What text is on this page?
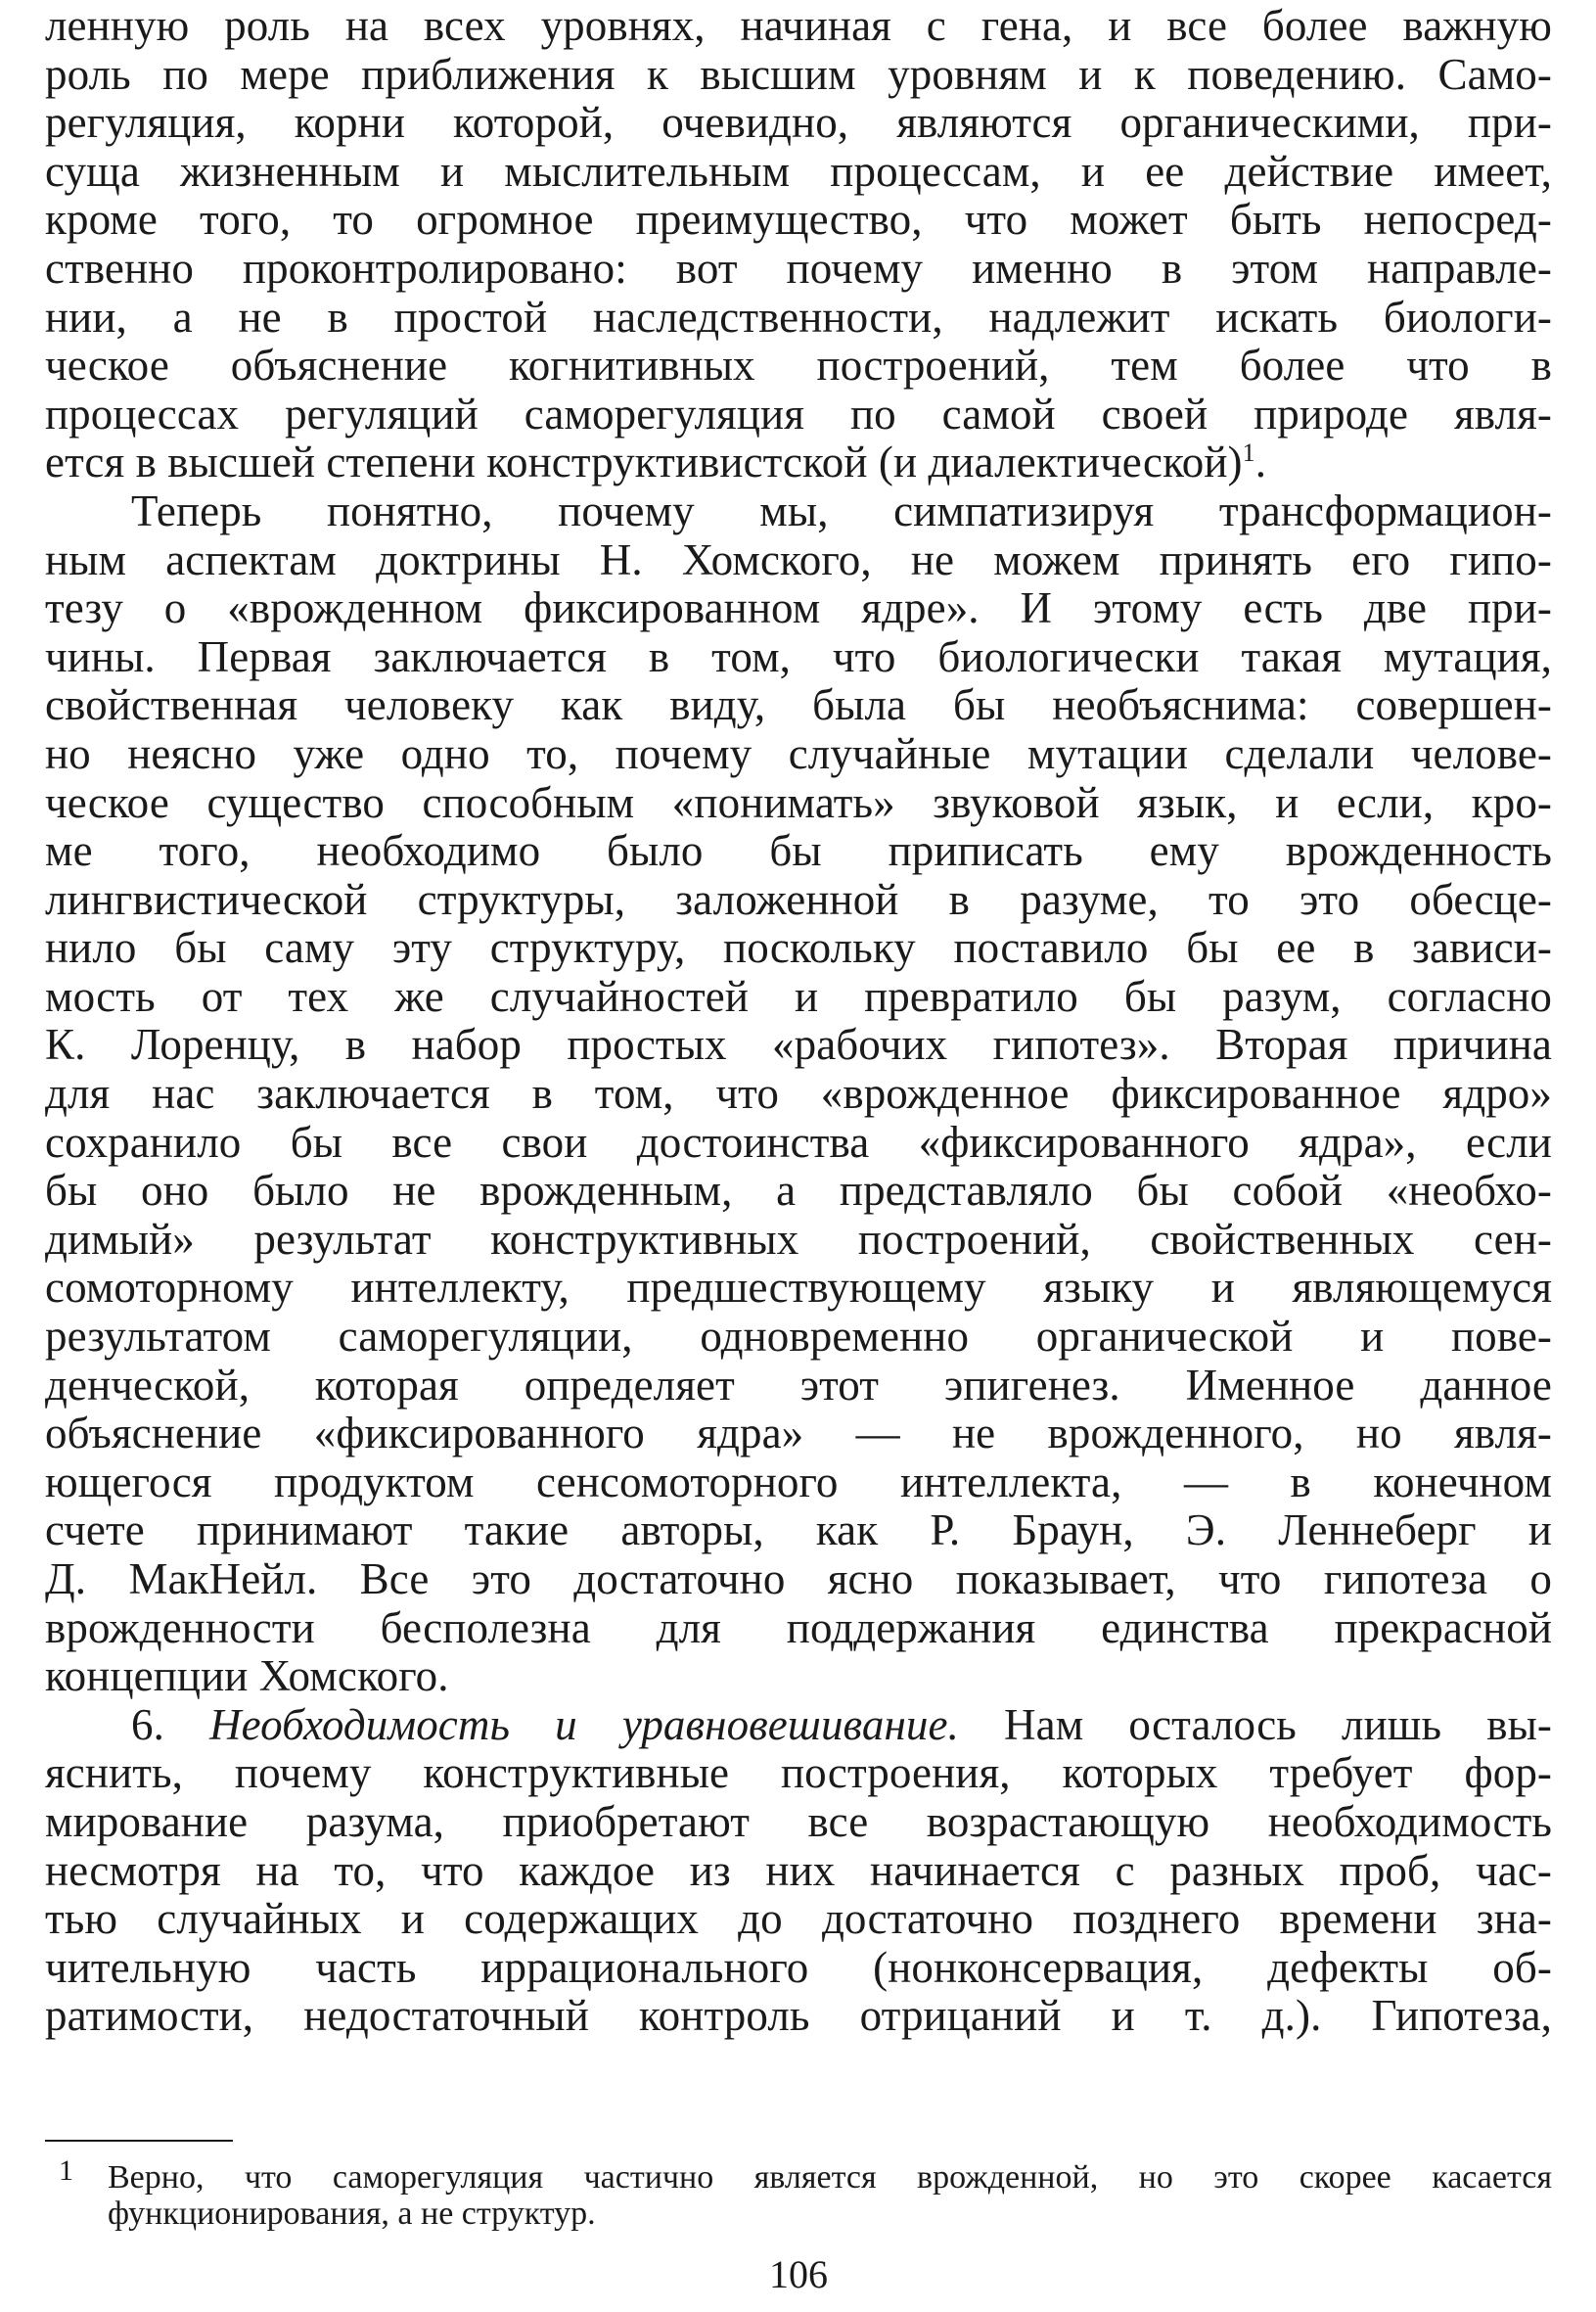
ленную роль на всех уровнях, начиная с гена, и все более важную
роль по мере приближения к высшим уровням и к поведению. Само-
регуляция, корни которой, очевидно, являются органическими, при-
суща жизненным и мыслительным процессам, и ее действие имеет,
кроме того, то огромное преимущество, что может быть непосред-
ственно проконтролировано: вот почему именно в этом направле-
нии, а не в простой наследственности, надлежит искать биологи-
ческое объяснение когнитивных построений, тем более что в
процессах регуляций саморегуляция по самой своей природе явля-
ется в высшей степени конструктивистской (и диалектической)$^1$.
Теперь понятно, почему мы, симпатизируя трансформацион-
ным аспектам доктрины Н. Хомского, не можем принять его гипо-
тезу о «врожденном фиксированном ядре». И этому есть две при-
чины. Первая заключается в том, что биологически такая мутация,
свойственная человеку как виду, была бы необъяснима: совершен-
но неясно уже одно то, почему случайные мутации сделали челове-
ческое существо способным «понимать» звуковой язык, и если, кро-
ме того, необходимо было бы приписать ему врожденность
лингвистической структуры, заложенной в разуме, то это обесце-
нило бы саму эту структуру, поскольку поставило бы ее в зависи-
мость от тех же случайностей и превратило бы разум, согласно
К. Лоренцу, в набор простых «рабочих гипотез». Вторая причина
для нас заключается в том, что «врожденное фиксированное ядро»
сохранило бы все свои достоинства «фиксированного ядра», если
бы оно было не врожденным, а представляло бы собой «необхо-
димый» результат конструктивных построений, свойственных сен-
сомоторному интеллекту, предшествующему языку и являющемуся
результатом саморегуляции, одновременно органической и пове-
денческой, которая определяет этот эпигенез. Именное данное
объяснение «фиксированного ядра» — не врожденного, но явля-
ющегося продуктом сенсомоторного интеллекта, — в конечном
счете принимают такие авторы, как Р. Браун, Э. Леннеберг и
Д. МакНейл. Все это достаточно ясно показывает, что гипотеза о
врожденности бесполезна для поддержания единства прекрасной
концепции Хомского.
6. Необходимость и уравновешивание. Нам осталось лишь вы-
яснить, почему конструктивные построения, которых требует фор-
мирование разума, приобретают все возрастающую необходимость
несмотря на то, что каждое из них начинается с разных проб, час-
тью случайных и содержащих до достаточно позднего времени зна-
чительную часть иррационального (нонконсервация, дефекты об-
ратимости, недостаточный контроль отрицаний и т. д.). Гипотеза,
1 Верно, что саморегуляция частично является врожденной, но это скорее касается
функционирования, а не структур.
106
